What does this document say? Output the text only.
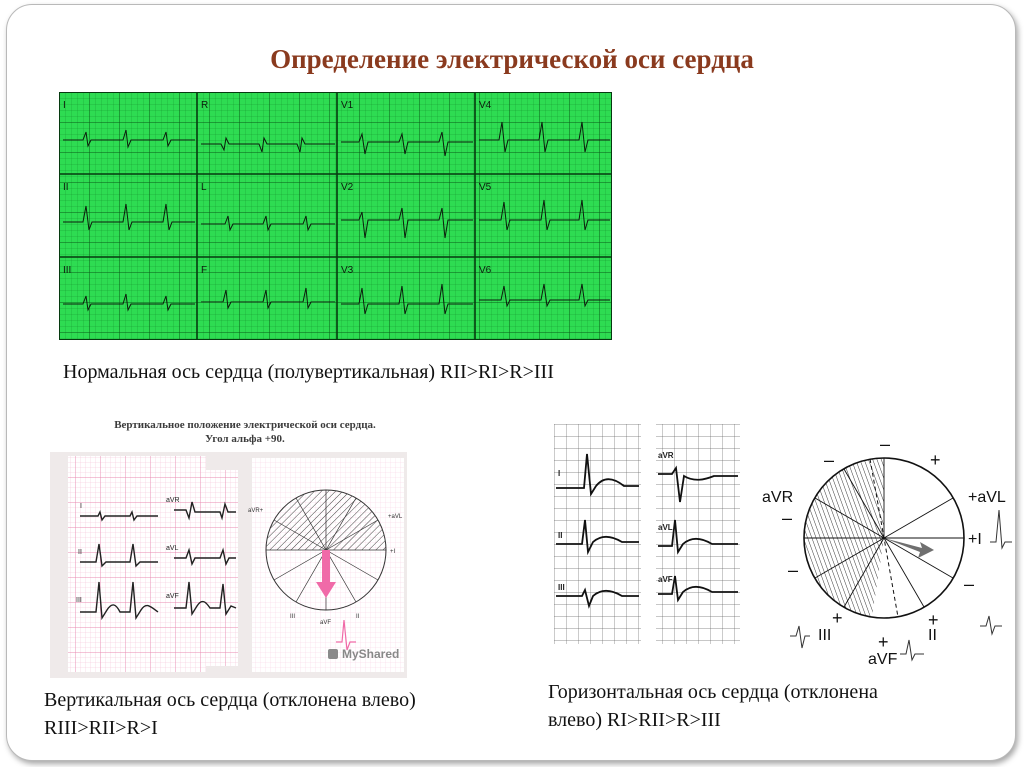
Определение электрической оси сердца
I	R	V1	V4
II	L	V2	V5
III	F	V3	V6
Нормальная ось сердца (полувертикальная) RII>RI>R>III
Вертикальное положение электрической оси сердца.
Угол альфа +90.
I
II
III
aVR
aVL
aVF
aVR+
+aVL
+I
III	II
aVF
MyShared
Вертикальная ось сердца (отклонена влево)
RIII>RII>R>I
I
II
III
aVR
aVL
aVF
aVR	+aVL
+I
III	II
aVF
–
–	+
–
–
–
+
+
+
Горизонтальная ось сердца (отклонена
влево) RI>RII>R>III
